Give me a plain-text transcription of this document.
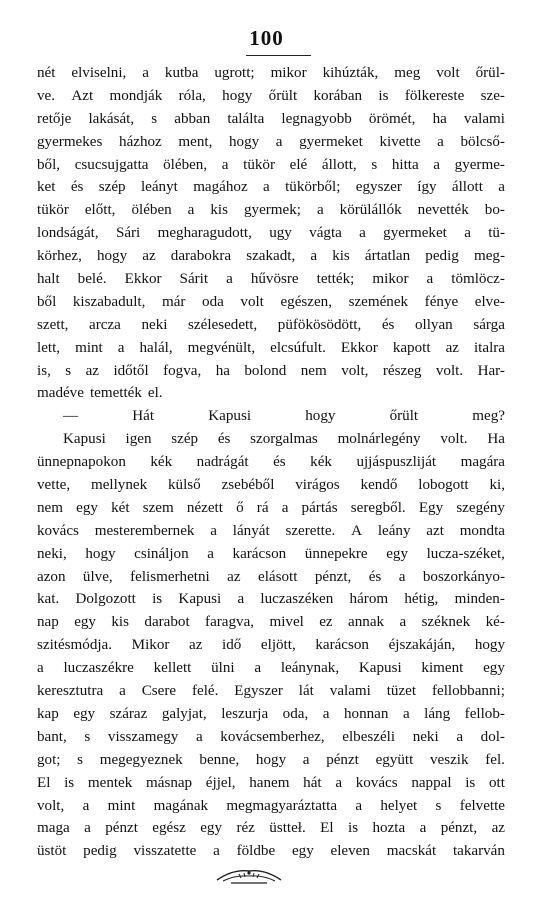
100
nét elviselni, a kutba ugrott; mikor kihúzták, meg volt őrül-
ve. Azt mondják róla, hogy őrült korában is fölkereste sze-
retője lakását, s abban találta legnagyobb örömét, ha valami
gyermekes házhoz ment, hogy a gyermeket kivette a bölcső-
ből, csucsujgatta ölében, a tükör elé állott, s hitta a gyerme-
ket és szép leányt magához a tükörből; egyszer így állott a
tükör előtt, ölében a kis gyermek; a körülállók nevették bo-
londságát, Sári megharagudott, ugy vágta a gyermeket a tü-
körhez, hogy az darabokra szakadt, a kis ártatlan pedig meg-
halt belé. Ekkor Sárit a hűvösre tették; mikor a tömlöcz-
ből kiszabadult, már oda volt egészen, szemének fénye elve-
szett, arcza neki szélesedett, püfökösödött, és ollyan sárga
lett, mint a halál, megvénült, elcsúfult. Ekkor kapott az italra
is, s az időtől fogva, ha bolond nem volt, részeg volt. Har-
madéve temették el.
—	Hát	Kapusi	hogy	őrült	meg?
Kapusi igen szép és szorgalmas molnárlegény volt. Ha
ünnepnapokon kék nadrágát és kék ujjáspuszliját magára
vette, mellynek külső zsebéből virágos kendő lobogott ki,
nem egy két szem nézett ő rá a pártás seregből. Egy szegény
kovács mesterembernek a lányát szerette. A leány azt mondta
neki, hogy csináljon a karácson ünnepekre egy lucza-széket,
azon ülve, felismerhetni az elásott pénzt, és a boszorkányo-
kat. Dolgozott is Kapusi a luczaszéken három hétig, minden-
nap egy kis darabot faragva, mivel ez annak a széknek ké-
szitésmódja. Mikor az idő eljött, karácson éjszakáján, hogy
a luczaszékre kellett ülni a leánynak, Kapusi kiment egy
keresztutra a Csere felé. Egyszer lát valami tüzet fellobbanni;
kap egy száraz galyjat, leszurja oda, a honnan a láng fellob-
bant, s visszamegy a kovácsemberhez, elbeszéli neki a dol-
got; s megegyeznek benne, hogy a pénzt együtt veszik fel.
El is mentek másnap éjjel, hanem hát a kovács nappal is ott
volt, a mint magának megmagyaráztatta a helyet s felvette
maga a pénzt egész egy réz üstteł. El is hozta a pénzt, az
üstöt pedig visszatette a földbe egy eleven macskát takarván
